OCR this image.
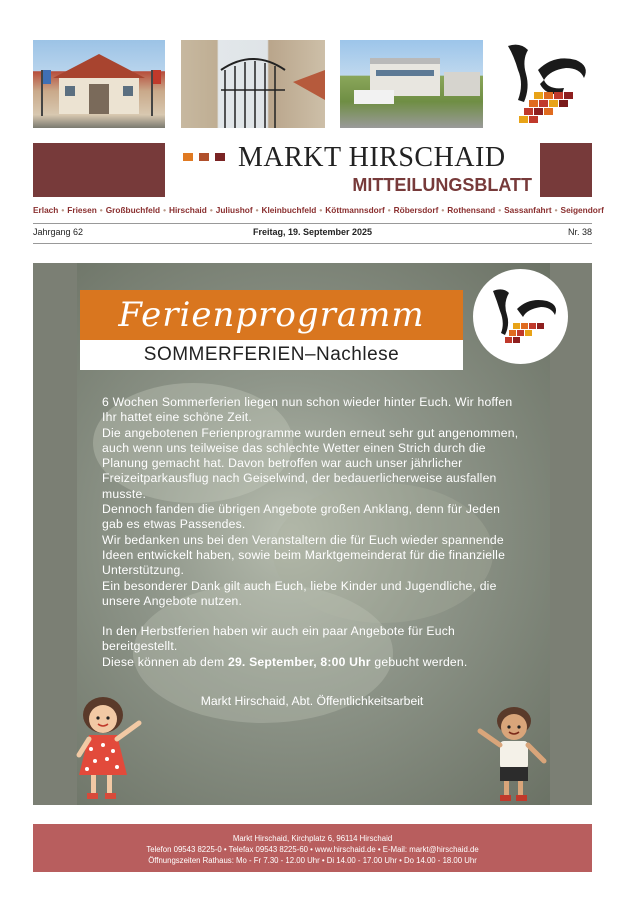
MARKT HIRSCHAID
MITTEILUNGSBLATT
Erlach • Friesen • Großbuchfeld • Hirschaid • Juliushof • Kleinbuchfeld • Köttmannsdorf • Röbersdorf • Rothensand • Sassanfahrt • Seigendorf
Jahrgang 62	Freitag, 19. September 2025	Nr. 38
Ferienprogramm
SOMMERFERIEN–Nachlese

6 Wochen Sommerferien liegen nun schon wieder hinter Euch. Wir hoffen Ihr hattet eine schöne Zeit.

Die angebotenen Ferienprogramme wurden erneut sehr gut angenommen, auch wenn uns teilweise das schlechte Wetter einen Strich durch die Planung gemacht hat. Davon betroffen war auch unser jährlicher Freizeitparkausflug nach Geiselwind, der bedauerlicherweise ausfallen musste.

Dennoch fanden die übrigen Angebote großen Anklang, denn für Jeden gab es etwas Passendes.

Wir bedanken uns bei den Veranstaltern die für Euch wieder spannende Ideen entwickelt haben, sowie beim Marktgemeinderat für die finanzielle Unterstützung.

Ein besonderer Dank gilt auch Euch, liebe Kinder und Jugendliche, die unsere Angebote nutzen.

In den Herbstferien haben wir auch ein paar Angebote für Euch bereitgestellt.

Diese können ab dem 29. September, 8:00 Uhr gebucht werden.

Markt Hirschaid, Abt. Öffentlichkeitsarbeit
Markt Hirschaid, Kirchplatz 6, 96114 Hirschaid
Telefon 09543 8225-0 • Telefax 09543 8225-60 • www.hirschaid.de • E-Mail: markt@hirschaid.de
Öffnungszeiten Rathaus: Mo - Fr 7.30 - 12.00 Uhr • Di 14.00 - 17.00 Uhr • Do 14.00 - 18.00 Uhr
